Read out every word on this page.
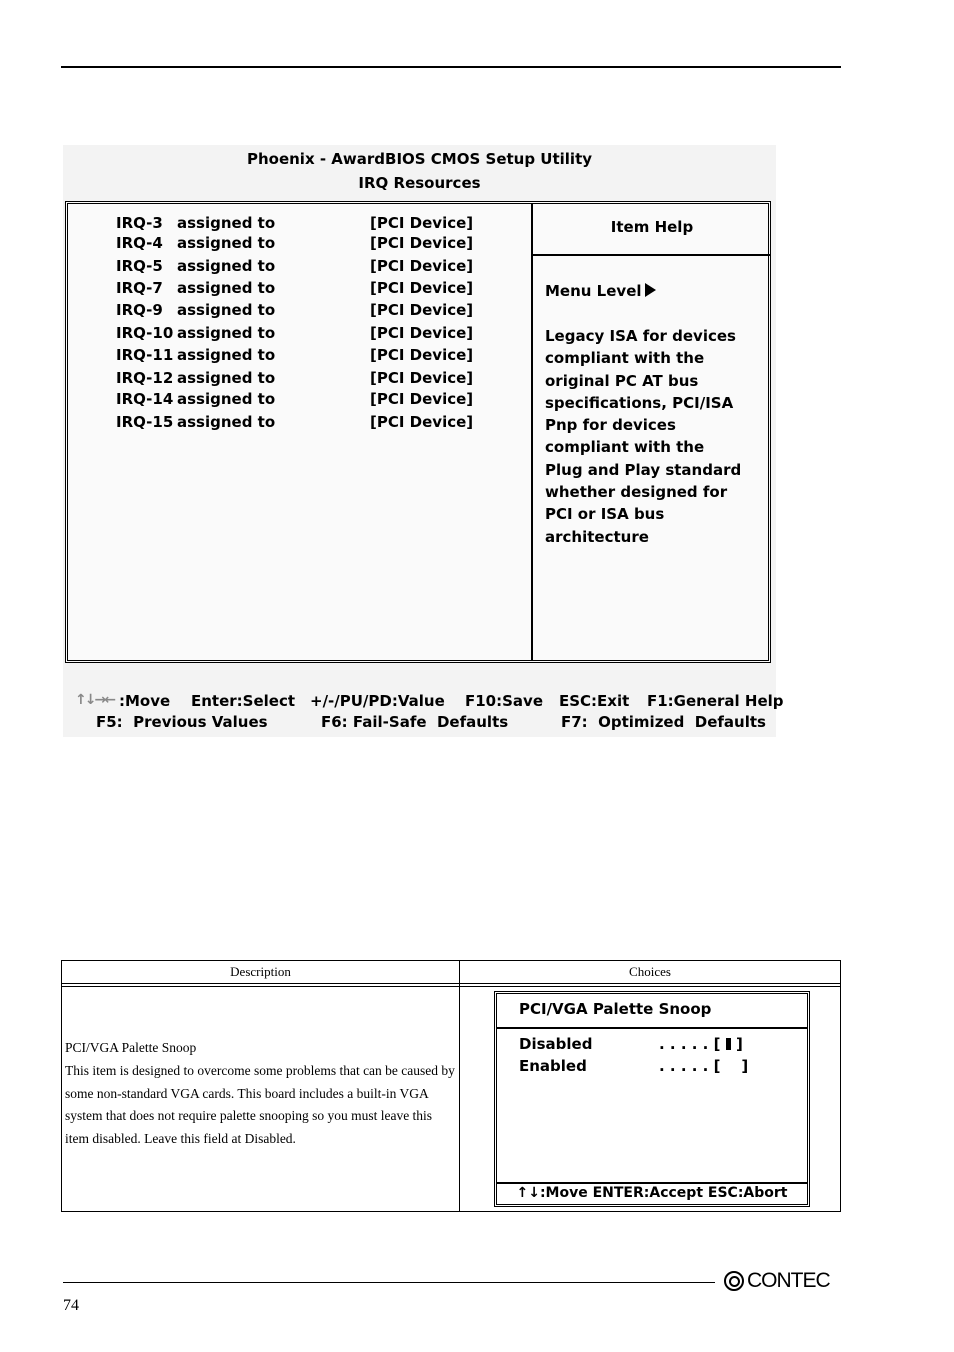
Phoenix - AwardBIOS CMOS Setup Utility
IRQ Resources
IRQ-3 assigned to	[PCI Device]
IRQ-4 assigned to	[PCI Device]
IRQ-5 assigned to	[PCI Device]
IRQ-7 assigned to	[PCI Device]
IRQ-9 assigned to	[PCI Device]
IRQ-10 assigned to	[PCI Device]
IRQ-11 assigned to	[PCI Device]
IRQ-12 assigned to	[PCI Device]
IRQ-14 assigned to	[PCI Device]
IRQ-15 assigned to	[PCI Device]
Item Help
Menu Level
Legacy ISA for devices
compliant with the
original PC AT bus
specifications, PCI/ISA
Pnp for devices
compliant with the
Plug and Play standard
whether designed for
PCI or ISA bus
architecture
↑↓→← :Move Enter:Select +/-/PU/PD:Value F10:Save ESC:Exit F1:General Help
F5:  Previous Values	F6: Fail-Safe  Defaults	F7:  Optimized  Defaults
Description	Choices
PCI/VGA Palette Snoop
This item is designed to overcome some problems that can be caused by some non-standard VGA cards. This board includes a built-in VGA system that does not require palette snooping so you must leave this item disabled. Leave this field at Disabled.
PCI/VGA Palette Snoop
Disabled	. . . . . [ ]
Enabled	. . . . . [ ]
↑↓:Move ENTER:Accept ESC:Abort
74
CONTEC
